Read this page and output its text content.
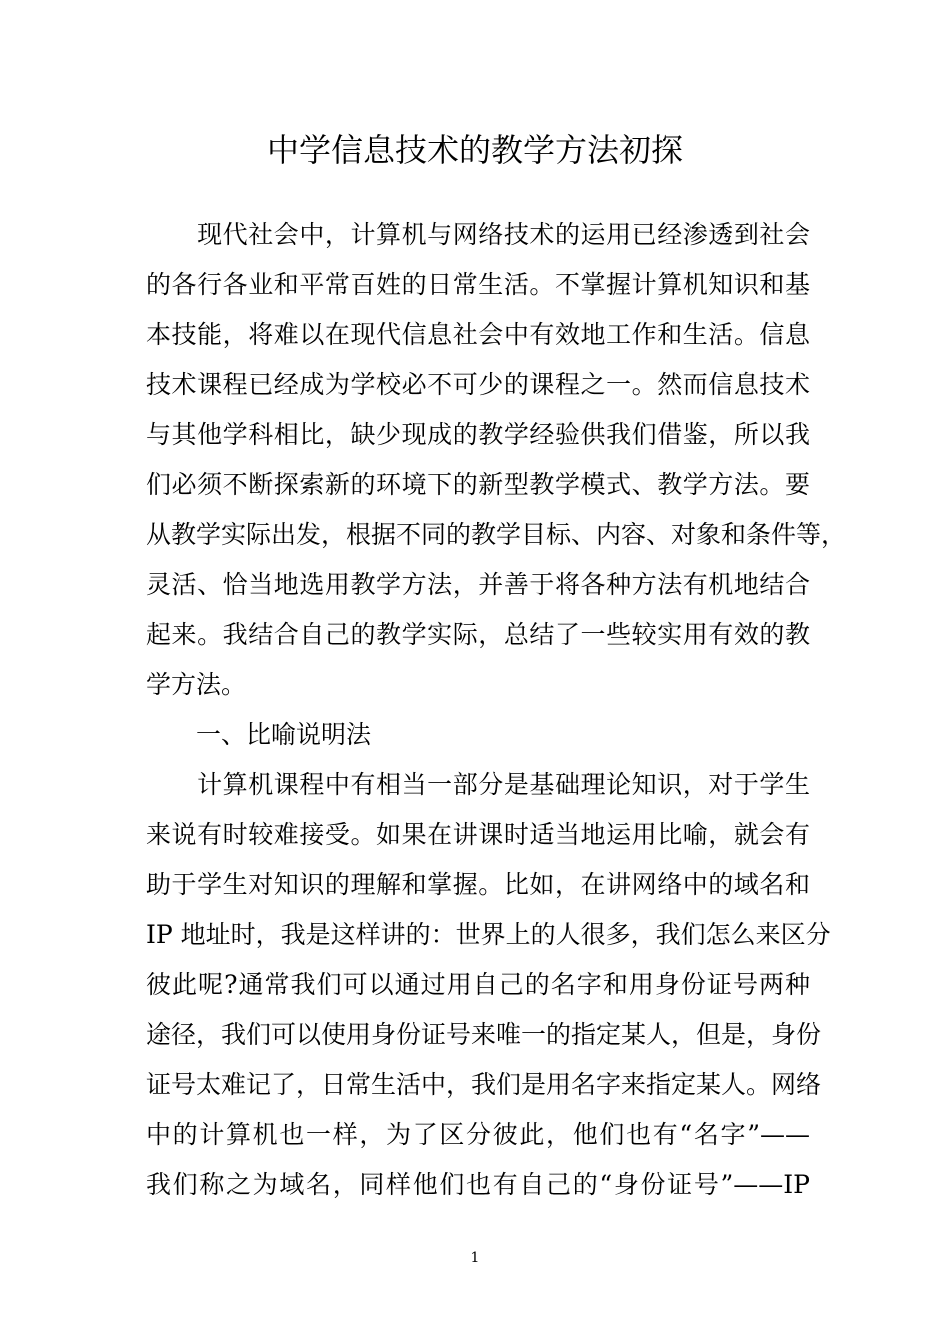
中学信息技术的教学方法初探
　　现代社会中，计算机与网络技术的运用已经渗透到社会
的各行各业和平常百姓的日常生活。不掌握计算机知识和基
本技能，将难以在现代信息社会中有效地工作和生活。信息
技术课程已经成为学校必不可少的课程之一。然而信息技术
与其他学科相比，缺少现成的教学经验供我们借鉴，所以我
们必须不断探索新的环境下的新型教学模式、教学方法。要
从教学实际出发，根据不同的教学目标、内容、对象和条件等，
灵活、恰当地选用教学方法，并善于将各种方法有机地结合
起来。我结合自己的教学实际，总结了一些较实用有效的教
学方法。
　　一、比喻说明法
　　计算机课程中有相当一部分是基础理论知识，对于学生
来说有时较难接受。如果在讲课时适当地运用比喻，就会有
助于学生对知识的理解和掌握。比如，在讲网络中的域名和
IP 地址时，我是这样讲的：世界上的人很多，我们怎么来区分
彼此呢?通常我们可以通过用自己的名字和用身份证号两种
途径，我们可以使用身份证号来唯一的指定某人，但是，身份
证号太难记了，日常生活中，我们是用名字来指定某人。网络
中的计算机也一样，为了区分彼此，他们也有“名字”——
我们称之为域名，同样他们也有自己的“身份证号”——IP
1
